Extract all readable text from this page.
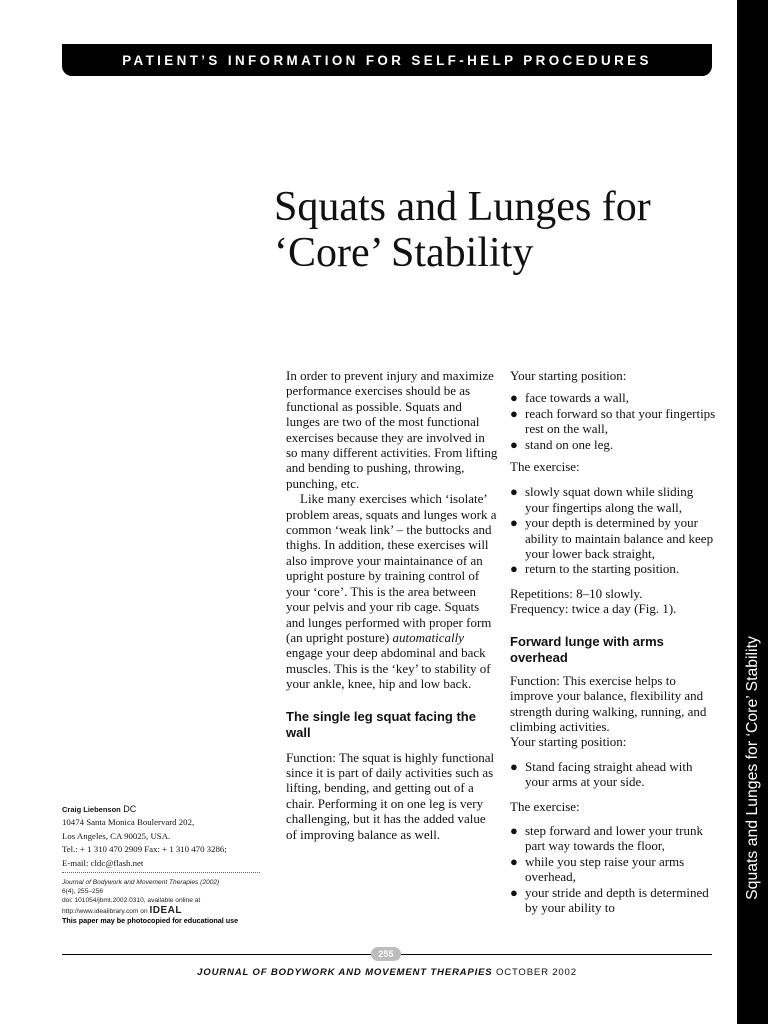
PATIENT’S INFORMATION FOR SELF-HELP PROCEDURES
Squats and Lunges for ‘Core’ Stability
Squats and Lunges for
‘Core’ Stability

In order to prevent injury and maximize performance exercises should be as functional as possible. Squats and lunges are two of the most functional exercises because they are involved in so many different activities. From lifting and bending to pushing, throwing, punching, etc.

Like many exercises which ‘isolate’ problem areas, squats and lunges work a common ‘weak link’ – the buttocks and thighs. In addition, these exercises will also improve your maintainance of an upright posture by training control of your ‘core’. This is the area between your pelvis and your rib cage. Squats and lunges performed with proper form (an upright posture) automatically engage your deep abdominal and back muscles. This is the ‘key’ to stability of your ankle, knee, hip and low back.

The single leg squat facing the wall

Function: The squat is highly functional since it is part of daily activities such as lifting, bending, and getting out of a chair. Performing it on one leg is very challenging, but it has the added value of improving balance as well.

Your starting position:

● face towards a wall,
● reach forward so that your fingertips rest on the wall,
● stand on one leg.

The exercise:

● slowly squat down while sliding your fingertips along the wall,
● your depth is determined by your ability to maintain balance and keep your lower back straight,
● return to the starting position.

Repetitions: 8–10 slowly.

Frequency: twice a day (Fig. 1).

Forward lunge with arms overhead

Function: This exercise helps to improve your balance, flexibility and strength during walking, running, and climbing activities.

Your starting position:

● Stand facing straight ahead with your arms at your side.

The exercise:

● step forward and lower your trunk part way towards the floor,
● while you step raise your arms overhead,
● your stride and depth is determined by your ability to
Craig Liebenson DC
10474 Santa Monica Boulervard 202,
Los Angeles, CA 90025, USA.
Tel.: + 1 310 470 2909 Fax: + 1 310 470 3286;
E-mail: cldc@flash.net
Journal of Bodywork and Movement Therapies (2002)
6(4), 255–256
doi: 101054/jbmt.2002.0310, available online at
http://www.idealibrary.com on IDEAL
This paper may be photocopied for educational use
255
JOURNAL OF BODYWORK AND MOVEMENT THERAPIES OCTOBER 2002
